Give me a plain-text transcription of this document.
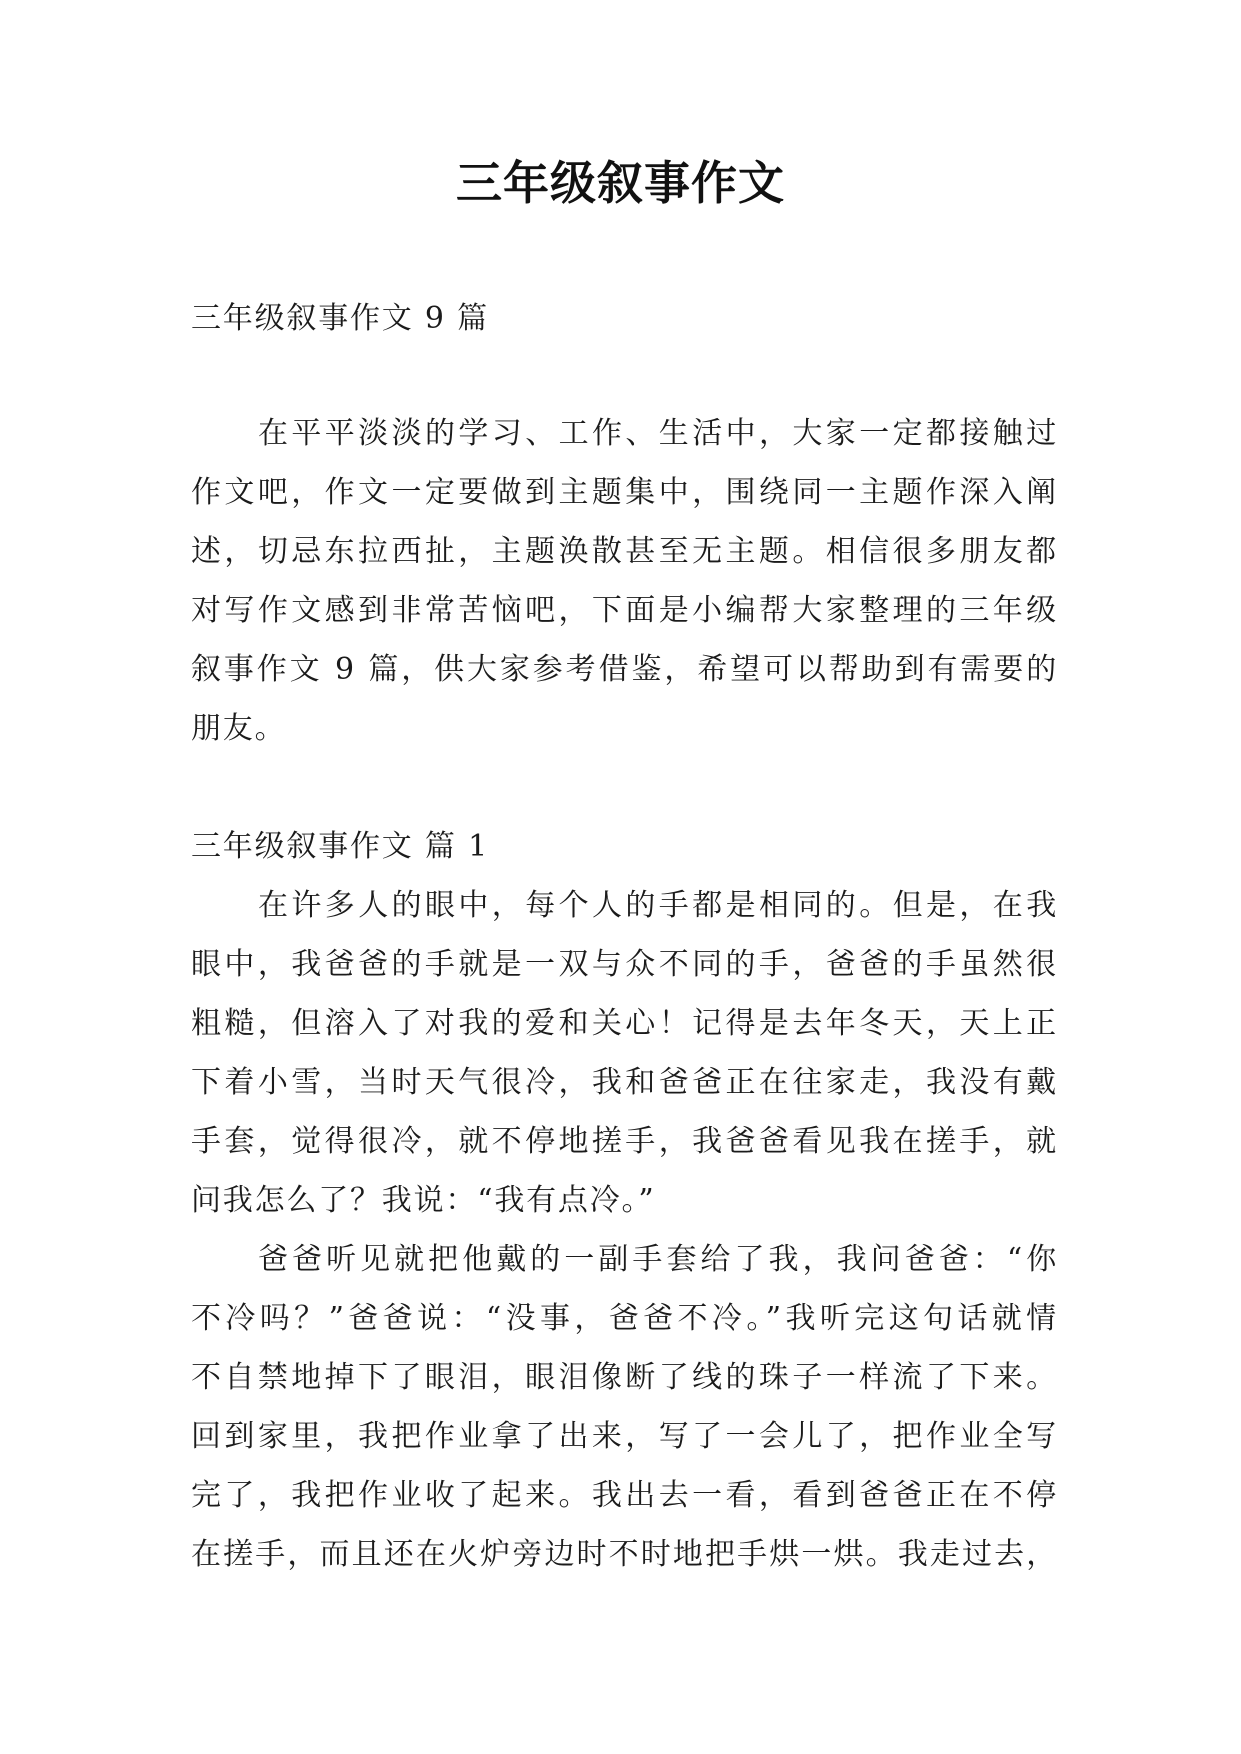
三年级叙事作文
三年级叙事作文 9 篇
在平平淡淡的学习、工作、生活中，大家一定都接触过
作文吧，作文一定要做到主题集中，围绕同一主题作深入阐
述，切忌东拉西扯，主题涣散甚至无主题。相信很多朋友都
对写作文感到非常苦恼吧，下面是小编帮大家整理的三年级
叙事作文 9 篇，供大家参考借鉴，希望可以帮助到有需要的
朋友。
三年级叙事作文 篇 1
在许多人的眼中，每个人的手都是相同的。但是，在我
眼中，我爸爸的手就是一双与众不同的手，爸爸的手虽然很
粗糙，但溶入了对我的爱和关心！记得是去年冬天，天上正
下着小雪，当时天气很冷，我和爸爸正在往家走，我没有戴
手套，觉得很冷，就不停地搓手，我爸爸看见我在搓手，就
问我怎么了？我说：“我有点冷。”
爸爸听见就把他戴的一副手套给了我，我问爸爸：“你
不冷吗？”爸爸说：“没事，爸爸不冷。”我听完这句话就情
不自禁地掉下了眼泪，眼泪像断了线的珠子一样流了下来。
回到家里，我把作业拿了出来，写了一会儿了，把作业全写
完了，我把作业收了起来。我出去一看，看到爸爸正在不停
在搓手，而且还在火炉旁边时不时地把手烘一烘。我走过去，
